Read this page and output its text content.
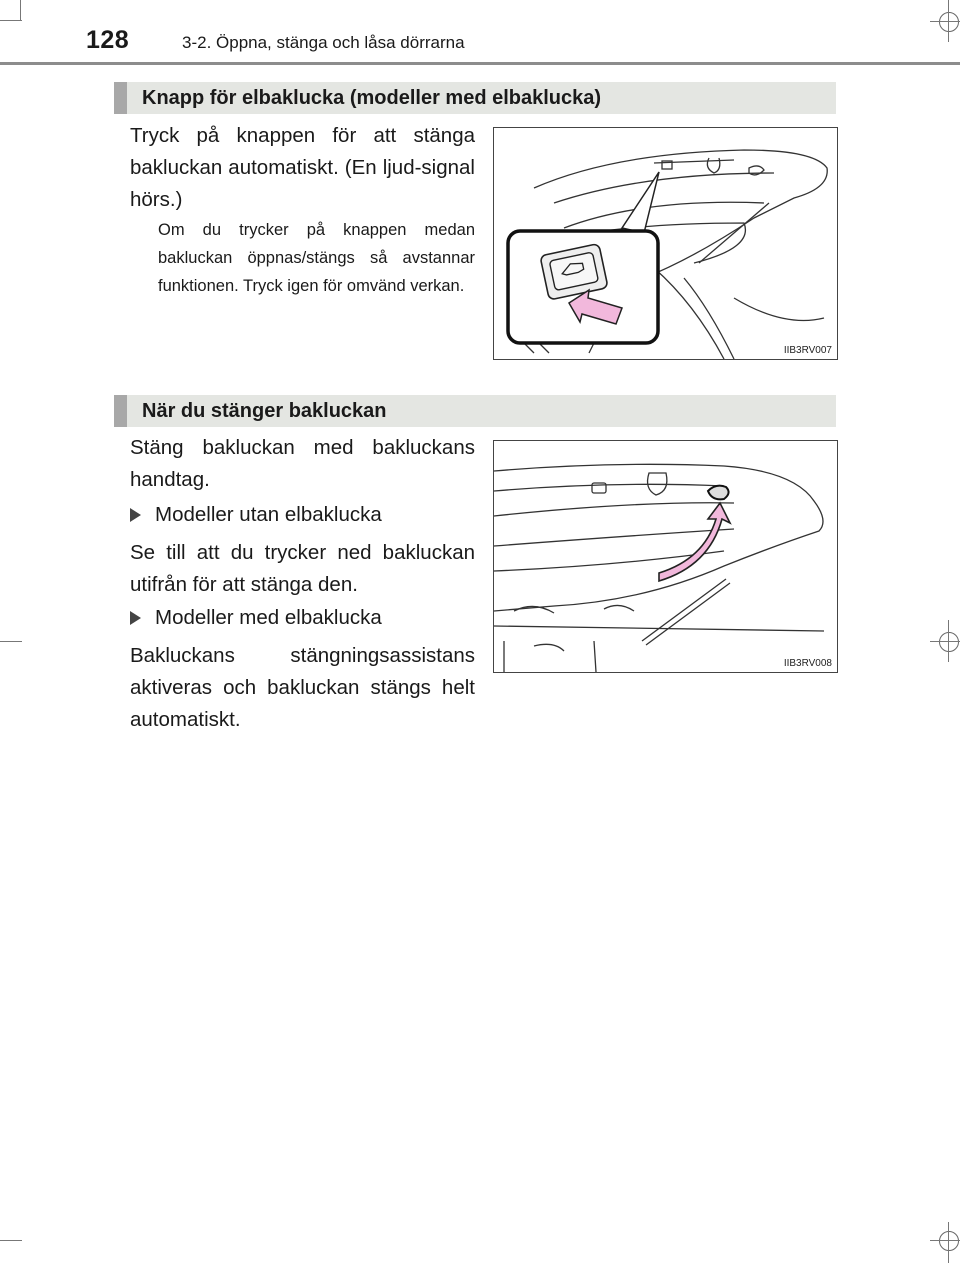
128	3-2. Öppna, stänga och låsa dörrarna
Knapp för elbaklucka (modeller med elbaklucka)
Tryck på knappen för att stänga bakluckan automatiskt. (En ljud-signal hörs.)
Om du trycker på knappen medan bakluckan öppnas/stängs så avstannar funktionen. Tryck igen för omvänd verkan.
IIB3RV007
När du stänger bakluckan
Stäng bakluckan med bakluckans handtag.
Modeller utan elbaklucka
Se till att du trycker ned bakluckan utifrån för att stänga den.
Modeller med elbaklucka
Bakluckans stängningsassistans aktiveras och bakluckan stängs helt automatiskt.
IIB3RV008
